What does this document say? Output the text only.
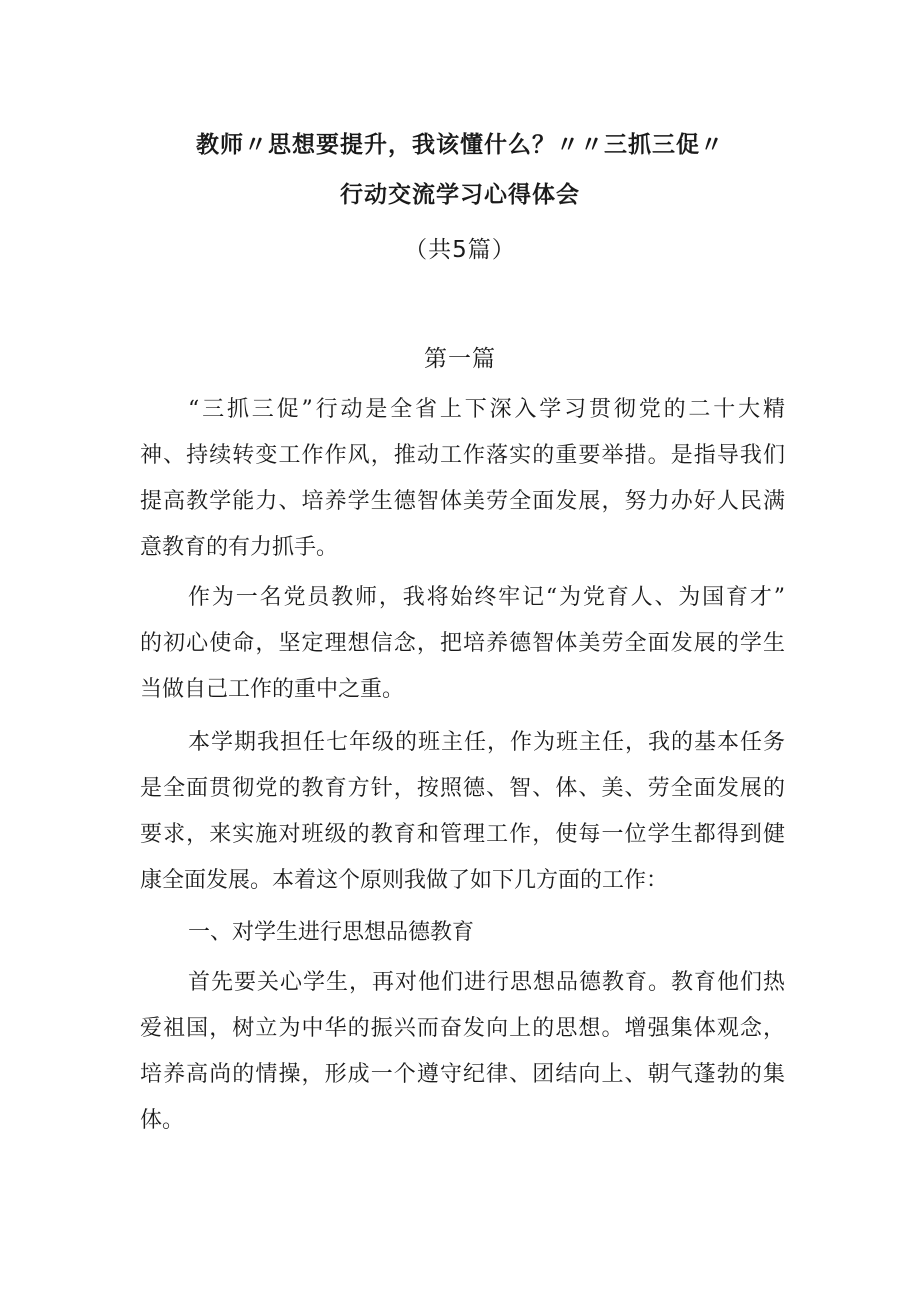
教师〃思想要提升，我该懂什么？〃〃三抓三促〃
行动交流学习心得体会
（共5篇）
第一篇
“三抓三促”行动是全省上下深入学习贯彻党的二十大精
神、持续转变工作作风，推动工作落实的重要举措。是指导我们
提高教学能力、培养学生德智体美劳全面发展，努力办好人民满
意教育的有力抓手。
作为一名党员教师，我将始终牢记“为党育人、为国育才”
的初心使命，坚定理想信念，把培养德智体美劳全面发展的学生
当做自己工作的重中之重。
本学期我担任七年级的班主任，作为班主任，我的基本任务
是全面贯彻党的教育方针，按照德、智、体、美、劳全面发展的
要求，来实施对班级的教育和管理工作，使每一位学生都得到健
康全面发展。本着这个原则我做了如下几方面的工作：
一、对学生进行思想品德教育
首先要关心学生，再对他们进行思想品德教育。教育他们热
爱祖国，树立为中华的振兴而奋发向上的思想。增强集体观念，
培养高尚的情操，形成一个遵守纪律、团结向上、朝气蓬勃的集
体。
